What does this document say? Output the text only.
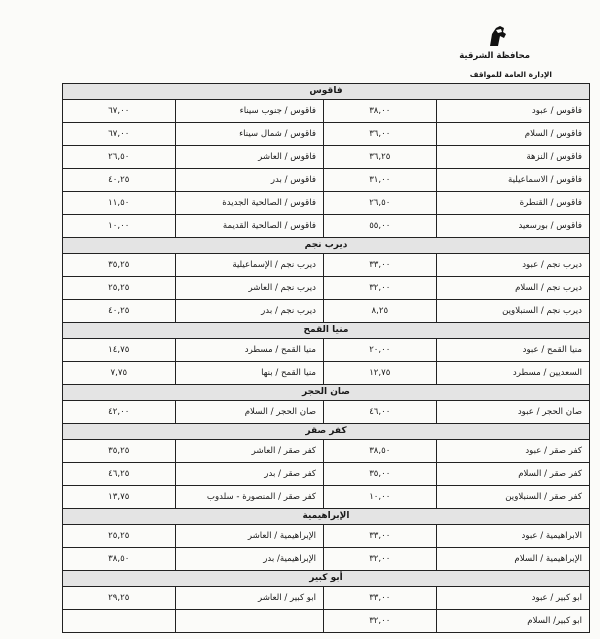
محافظة الشرقية
الإدارة العامة للمواقف
فاقوس
فاقوس / عبود
٣٨,٠٠
فاقوس / جنوب سيناء
٦٧,٠٠
فاقوس / السلام
٣٦,٠٠
فاقوس / شمال سيناء
٦٧,٠٠
فاقوس / النزهة
٣٦,٢٥
فاقوس / العاشر
٢٦,٥٠
فاقوس / الاسماعيلية
٣١,٠٠
فاقوس / بدر
٤٠,٢٥
فاقوس / القنطرة
٢٦,٥٠
فاقوس / الصالحية الجديدة
١١,٥٠
فاقوس / بورسعيد
٥٥,٠٠
فاقوس / الصالحية القديمة
١٠,٠٠
ديرب نجم
ديرب نجم / عبود
٣٣,٠٠
ديرب نجم / الإسماعيلية
٣٥,٢٥
ديرب نجم / السلام
٣٢,٠٠
ديرب نجم / العاشر
٢٥,٢٥
ديرب نجم / السنبلاوين
٨,٢٥
ديرب نجم / بدر
٤٠,٢٥
منيا القمح
منيا القمح / عبود
٢٠,٠٠
منيا القمح / مسطرد
١٤,٧٥
السعديين / مسطرد
١٢,٧٥
منيا القمح / بنها
٧,٧٥
صان الحجر
صان الحجر / عبود
٤٦,٠٠
صان الحجر / السلام
٤٢,٠٠
كفر صقر
كفر صقر / عبود
٣٨,٥٠
كفر صقر / العاشر
٣٥,٢٥
كفر صقر / السلام
٣٥,٠٠
كفر صقر / بدر
٤٦,٢٥
كفر صقر / السنبلاوين
١٠,٠٠
كفر صقر / المنصورة - سلدوب
١٣,٧٥
الإبراهيمية
الابراهيمية / عبود
٣٣,٠٠
الإبراهيمية / العاشر
٢٥,٢٥
الإبراهيمية / السلام
٣٢,٠٠
الإبراهيمية/ بدر
٣٨,٥٠
أبو كبير
ابو كبير / عبود
٣٣,٠٠
ابو كبير / العاشر
٢٩,٢٥
ابو كبير/ السلام
٣٢,٠٠
